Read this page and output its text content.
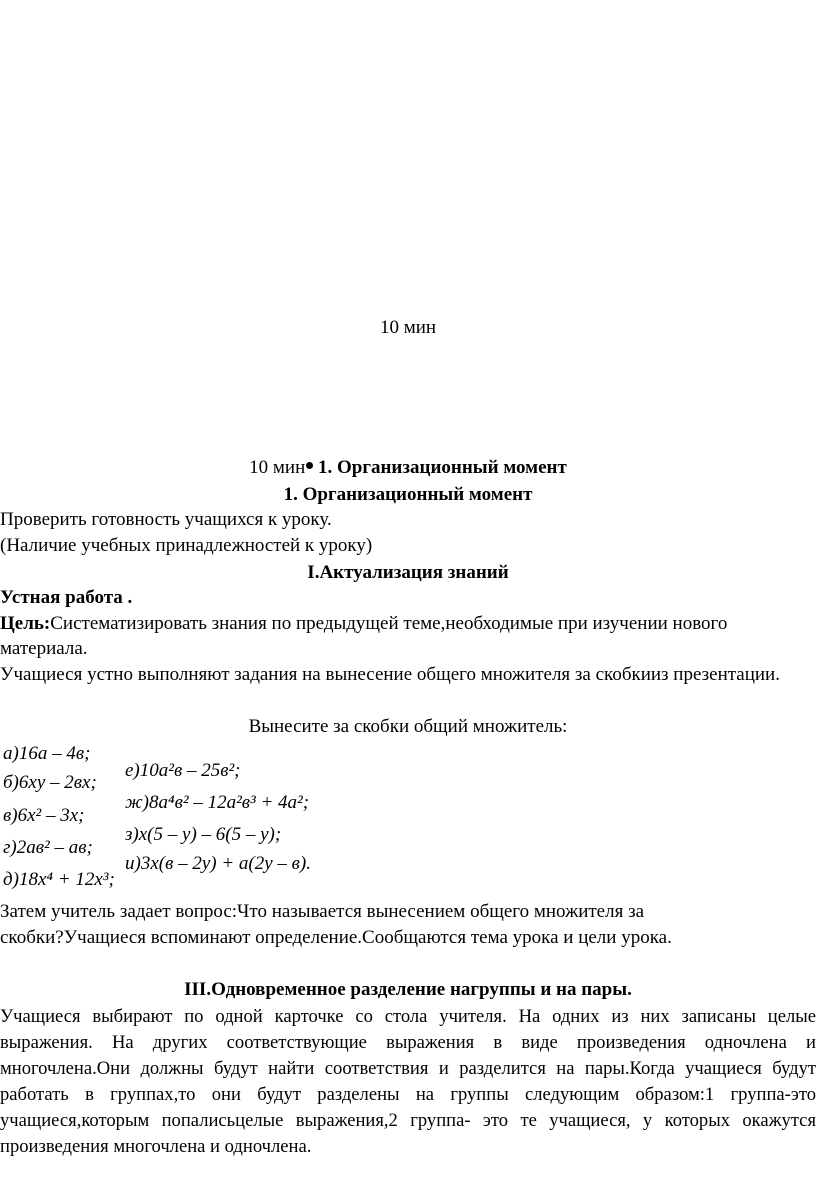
10 мин
10 мин 1. Организационный момент
1. Организационный момент
Проверить готовность учащихся к уроку.
(Наличие учебных принадлежностей к уроку)
I.Актуализация знаний
Устная работа .
Цель:Систематизировать знания по предыдущей теме,необходимые при изучении нового
материала.
Учащиеся устно выполняют задания на вынесение общего множителя за скобкииз презентации.
Вынесите за скобки общий множитель:
а)16а – 4в;
б)6ху – 2вх;
в)6х² – 3х;
г)2ав² – ав;
д)18х⁴ + 12х³;
е)10а²в – 25в²;
ж)8а⁴в² – 12а²в³ + 4а²;
з)х(5 – у) – 6(5 – у);
и)3х(в – 2у) + а(2у – в).
Затем учитель задает вопрос:Что называется вынесением общего множителя за
скобки?Учащиеся вспоминают определение.Сообщаются тема урока и цели урока.
III.Одновременное разделение нагруппы и на пары.
Учащиеся выбирают по одной карточке со стола учителя. На одних из них записаны целые выражения. На других соответствующие выражения в виде произведения одночлена и многочлена.Они должны будут найти соответствия и разделится на пары.Когда учащиеся будут работать в группах,то они будут разделены на группы следующим образом:1 группа-это учащиеся,которым попалисьцелые выражения,2 группа- это те учащиеся, у которых окажутся произведения многочлена и одночлена.
